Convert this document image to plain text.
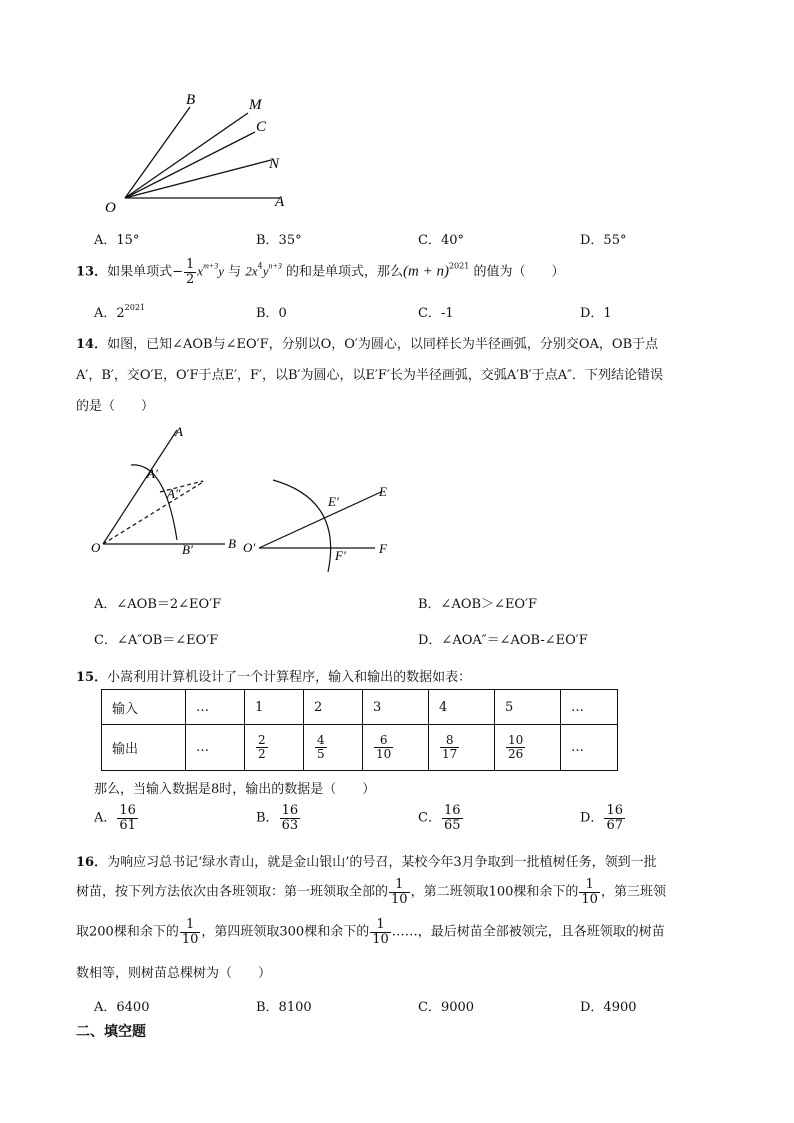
B	M
C
N
O	A
A．15°	B．35°	C．40°	D．55°
13．如果单项式− $\frac{1}{2} x^{m+3}y$ 与 $2x^4y^{n+3}$ 的和是单项式，那么$(m + n)^{2021}$ 的值为（　　）
A．$2^{2021}$	B．0	C．-1	D．1
14．如图，已知∠AOB与∠EO′F，分别以O，O′为圆心，以同样长为半径画弧，分别交OA，OB于点
A′，B′，交O′E，O′F于点E′，F′，以B′为圆心，以E′F′长为半径画弧，交弧A′B′于点A″．下列结论错误
的是（　　）
A
A′
A″
O	B′	B
E
E′
O′
F′	F
A．∠AOB＝2∠EO′F	B．∠AOB＞∠EO′F
C．∠A″OB＝∠EO′F	D．∠AOA″＝∠AOB-∠EO′F
15．小嵩利用计算机设计了一个计算程序，输入和输出的数据如表：
输入	…	1	2	3	4	5	…
输出	…	$\frac{2}{2}$	$\frac{4}{5}$	$\frac{6}{10}$	$\frac{8}{17}$	$\frac{10}{26}$	…
那么，当输入数据是8时，输出的数据是（　　）
A． $\frac{16}{61}$	B． $\frac{16}{63}$	C． $\frac{16}{65}$	D． $\frac{16}{67}$
16．为响应习总书记‘绿水青山，就是金山银山’的号召，某校今年3月争取到一批植树任务，领到一批
树苗，按下列方法依次由各班领取：第一班领取全部的 $\frac{1}{10}$ ，第二班领取100棵和余下的 $\frac{1}{10}$ ，第三班领
取200棵和余下的 $\frac{1}{10}$ ，第四班领取300棵和余下的 $\frac{1}{10}$ ……，最后树苗全部被领完，且各班领取的树苗
数相等，则树苗总棵树为（　　）
A．6400	B．8100	C．9000	D．4900
二、填空题
